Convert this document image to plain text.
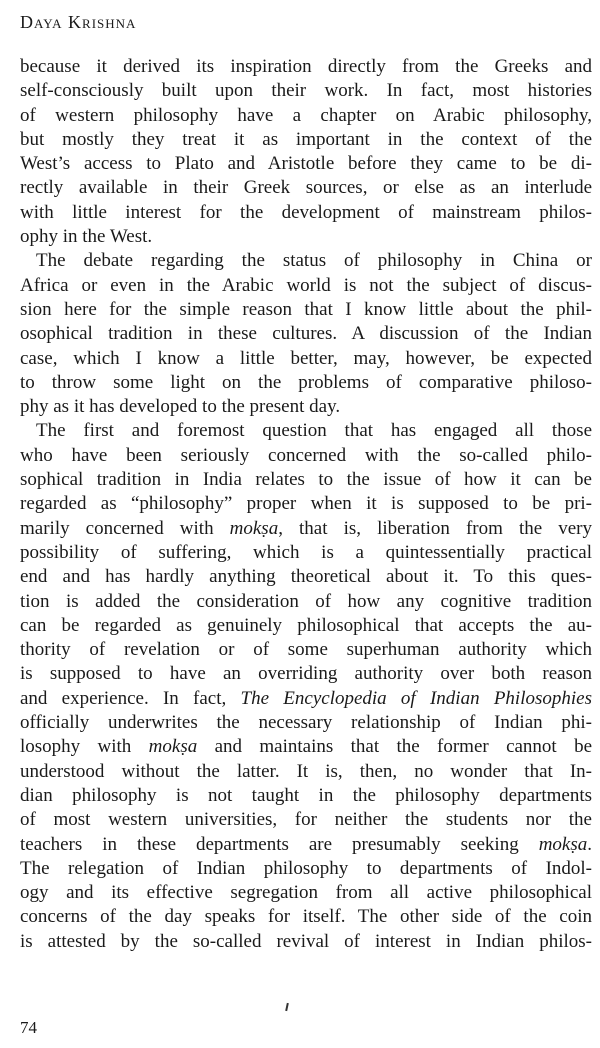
Daya Krishna
because it derived its inspiration directly from the Greeks and
self-consciously built upon their work. In fact, most histories
of western philosophy have a chapter on Arabic philosophy,
but mostly they treat it as important in the context of the
West’s access to Plato and Aristotle before they came to be di-
rectly available in their Greek sources, or else as an interlude
with little interest for the development of mainstream philos-
ophy in the West.
The debate regarding the status of philosophy in China or
Africa or even in the Arabic world is not the subject of discus-
sion here for the simple reason that I know little about the phil-
osophical tradition in these cultures. A discussion of the Indian
case, which I know a little better, may, however, be expected
to throw some light on the problems of comparative philoso-
phy as it has developed to the present day.
The first and foremost question that has engaged all those
who have been seriously concerned with the so-called philo-
sophical tradition in India relates to the issue of how it can be
regarded as “philosophy” proper when it is supposed to be pri-
marily concerned with mokṣa, that is, liberation from the very
possibility of suffering, which is a quintessentially practical
end and has hardly anything theoretical about it. To this ques-
tion is added the consideration of how any cognitive tradition
can be regarded as genuinely philosophical that accepts the au-
thority of revelation or of some superhuman authority which
is supposed to have an overriding authority over both reason
and experience. In fact, The Encyclopedia of Indian Philosophies
officially underwrites the necessary relationship of Indian phi-
losophy with mokṣa and maintains that the former cannot be
understood without the latter. It is, then, no wonder that In-
dian philosophy is not taught in the philosophy departments
of most western universities, for neither the students nor the
teachers in these departments are presumably seeking mokṣa.
The relegation of Indian philosophy to departments of Indol-
ogy and its effective segregation from all active philosophical
concerns of the day speaks for itself. The other side of the coin
is attested by the so-called revival of interest in Indian philos-
74
